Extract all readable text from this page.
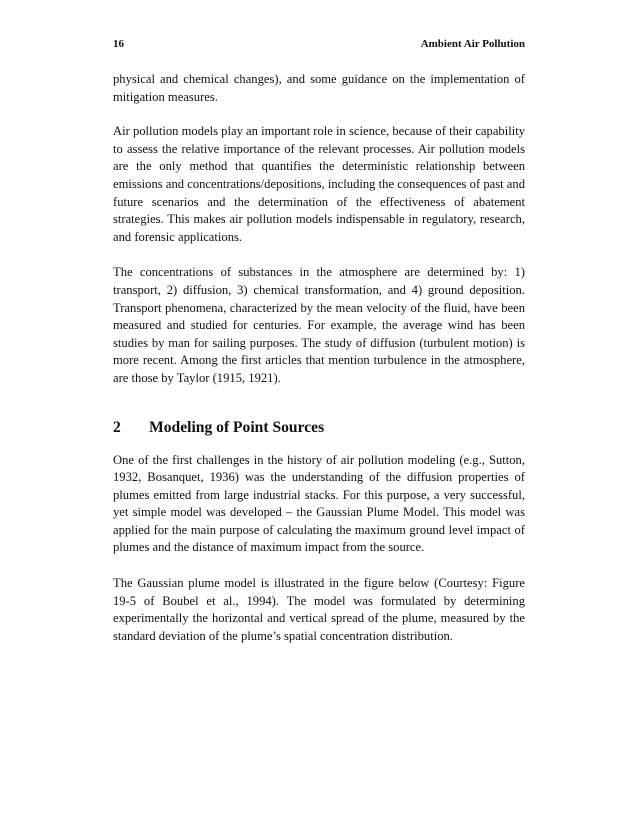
16	Ambient Air Pollution

physical and chemical changes), and some guidance on the implementation of mitigation measures.

Air pollution models play an important role in science, because of their capability to assess the relative importance of the relevant processes. Air pollution models are the only method that quantifies the deterministic relationship between emissions and concentrations/depositions, including the consequences of past and future scenarios and the determination of the effectiveness of abatement strategies. This makes air pollution models indispensable in regulatory, research, and forensic applications.

The concentrations of substances in the atmosphere are determined by: 1) transport, 2) diffusion, 3) chemical transformation, and 4) ground deposition. Transport phenomena, characterized by the mean velocity of the fluid, have been measured and studied for centuries. For example, the average wind has been studies by man for sailing purposes. The study of diffusion (turbulent motion) is more recent. Among the first articles that mention turbulence in the atmosphere, are those by Taylor (1915, 1921).

2	Modeling of Point Sources

One of the first challenges in the history of air pollution modeling (e.g., Sutton, 1932, Bosanquet, 1936) was the understanding of the diffusion properties of plumes emitted from large industrial stacks. For this purpose, a very successful, yet simple model was developed – the Gaussian Plume Model. This model was applied for the main purpose of calculating the maximum ground level impact of plumes and the distance of maximum impact from the source.

The Gaussian plume model is illustrated in the figure below (Courtesy: Figure 19-5 of Boubel et al., 1994). The model was formulated by determining experimentally the horizontal and vertical spread of the plume, measured by the standard deviation of the plume’s spatial concentration distribution.
